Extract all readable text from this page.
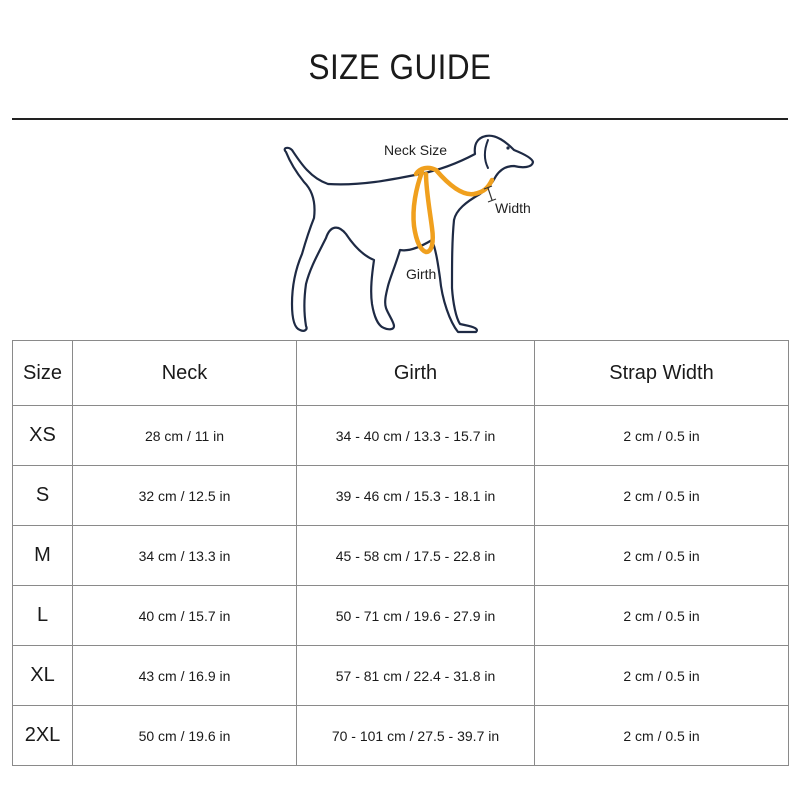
SIZE GUIDE
Neck Size
Width
Girth
Size	Neck	Girth	Strap Width
XS	28 cm / 11 in	34 - 40 cm / 13.3 - 15.7 in	2 cm / 0.5 in
S	32 cm / 12.5 in	39 - 46 cm / 15.3 - 18.1 in	2 cm / 0.5 in
M	34 cm / 13.3 in	45 - 58 cm / 17.5 - 22.8 in	2 cm / 0.5 in
L	40 cm / 15.7 in	50 - 71 cm / 19.6 - 27.9 in	2 cm / 0.5 in
XL	43 cm / 16.9 in	57 - 81 cm / 22.4 - 31.8 in	2 cm / 0.5 in
2XL	50 cm / 19.6 in	70 - 101 cm / 27.5 - 39.7 in	2 cm / 0.5 in
